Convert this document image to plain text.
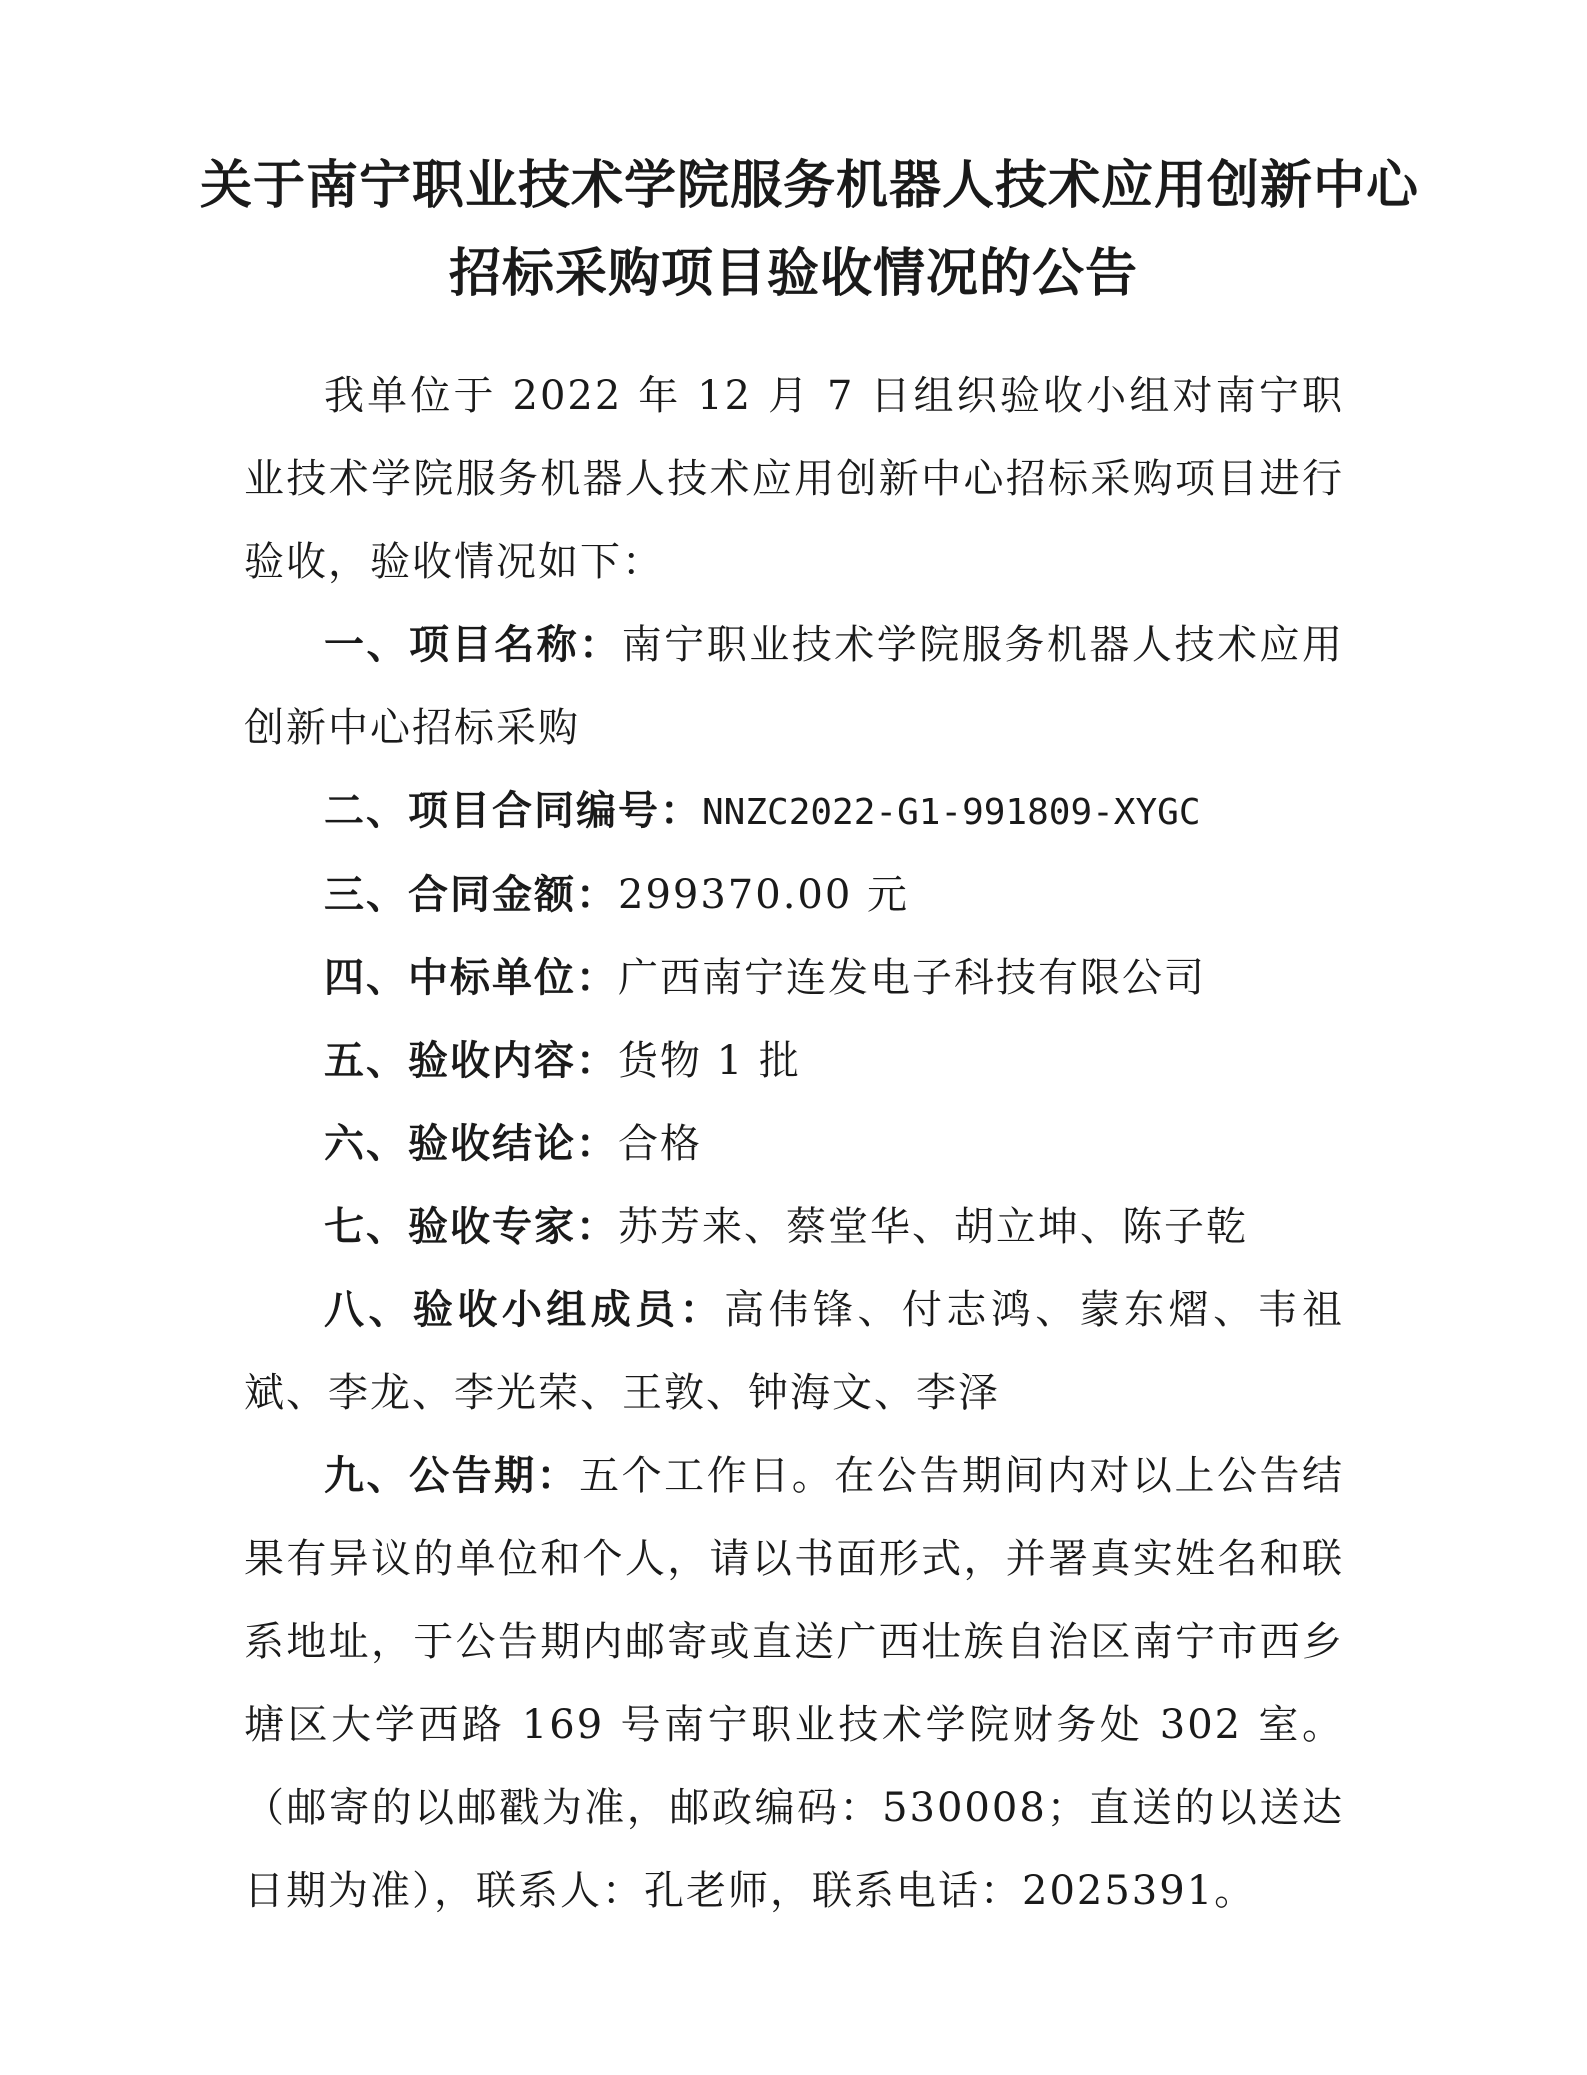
关于南宁职业技术学院服务机器人技术应用创新中心
招标采购项目验收情况的公告

我单位于 2022 年 12 月 7 日组织验收小组对南宁职业技术学院服务机器人技术应用创新中心招标采购项目进行验收，验收情况如下：

一、项目名称：南宁职业技术学院服务机器人技术应用创新中心招标采购

二、项目合同编号：NNZC2022-G1-991809-XYGC

三、合同金额：299370.00 元

四、中标单位：广西南宁连发电子科技有限公司

五、验收内容：货物 1 批

六、验收结论：合格

七、验收专家：苏芳来、蔡堂华、胡立坤、陈子乾

八、验收小组成员：高伟锋、付志鸿、蒙东熠、韦祖斌、李龙、李光荣、王敦、钟海文、李泽

九、公告期：五个工作日。在公告期间内对以上公告结果有异议的单位和个人，请以书面形式，并署真实姓名和联系地址，于公告期内邮寄或直送广西壮族自治区南宁市西乡塘区大学西路 169 号南宁职业技术学院财务处 302 室。（邮寄的以邮戳为准，邮政编码：530008；直送的以送达日期为准），联系人：孔老师，联系电话：2025391。
